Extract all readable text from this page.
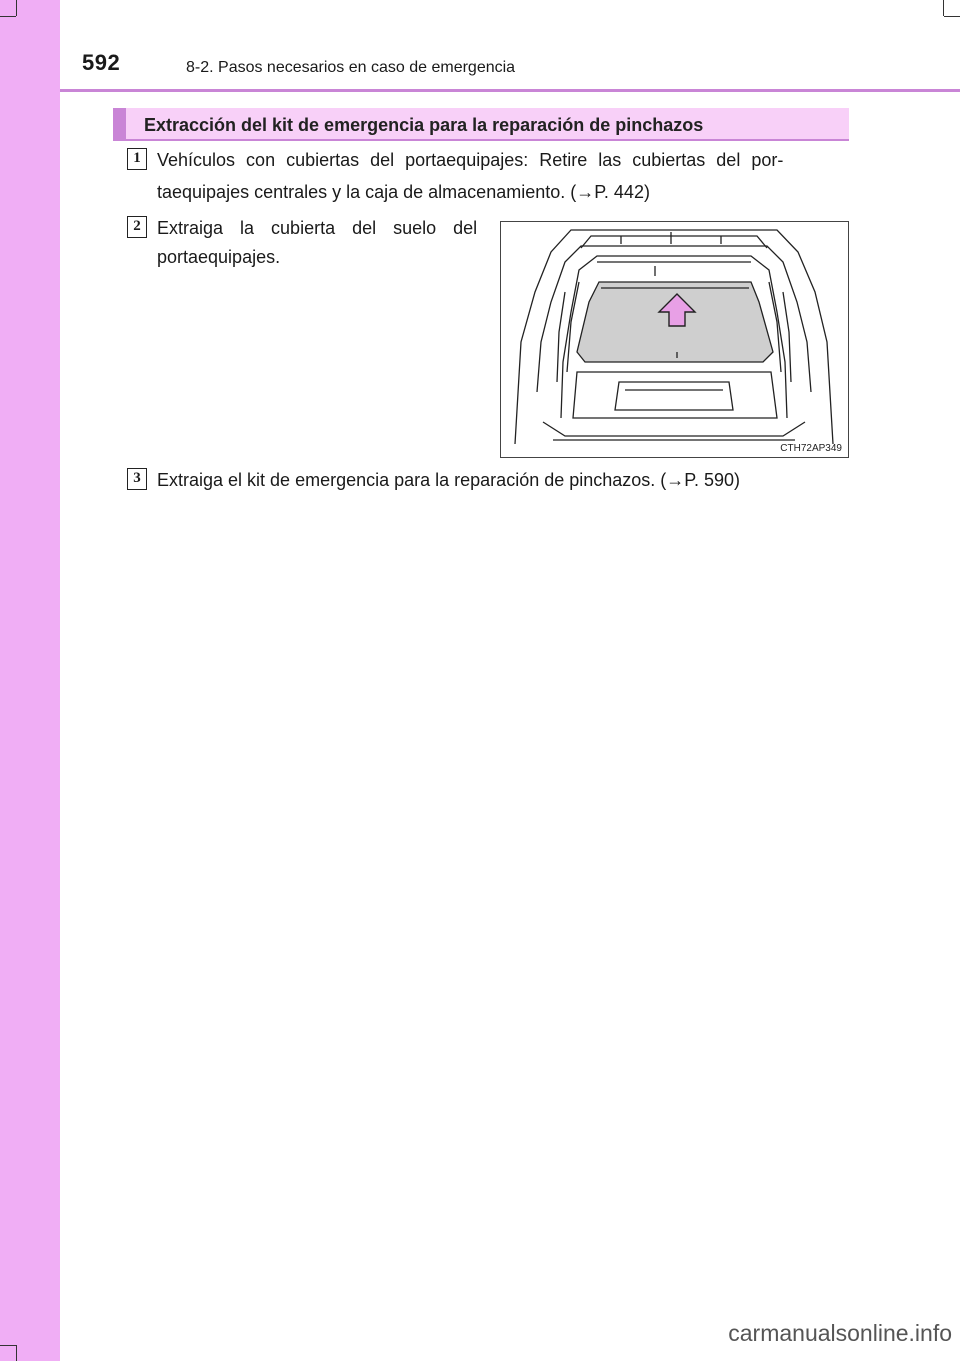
592	8-2. Pasos necesarios en caso de emergencia
Extracción del kit de emergencia para la reparación de pinchazos
1 Vehículos con cubiertas del portaequipajes: Retire las cubiertas del por-
taequipajes centrales y la caja de almacenamiento. (→P. 442)
2 Extraiga la cubierta del suelo del
portaequipajes.
CTH72AP349
3 Extraiga el kit de emergencia para la reparación de pinchazos. (→P. 590)
carmanualsonline.info
